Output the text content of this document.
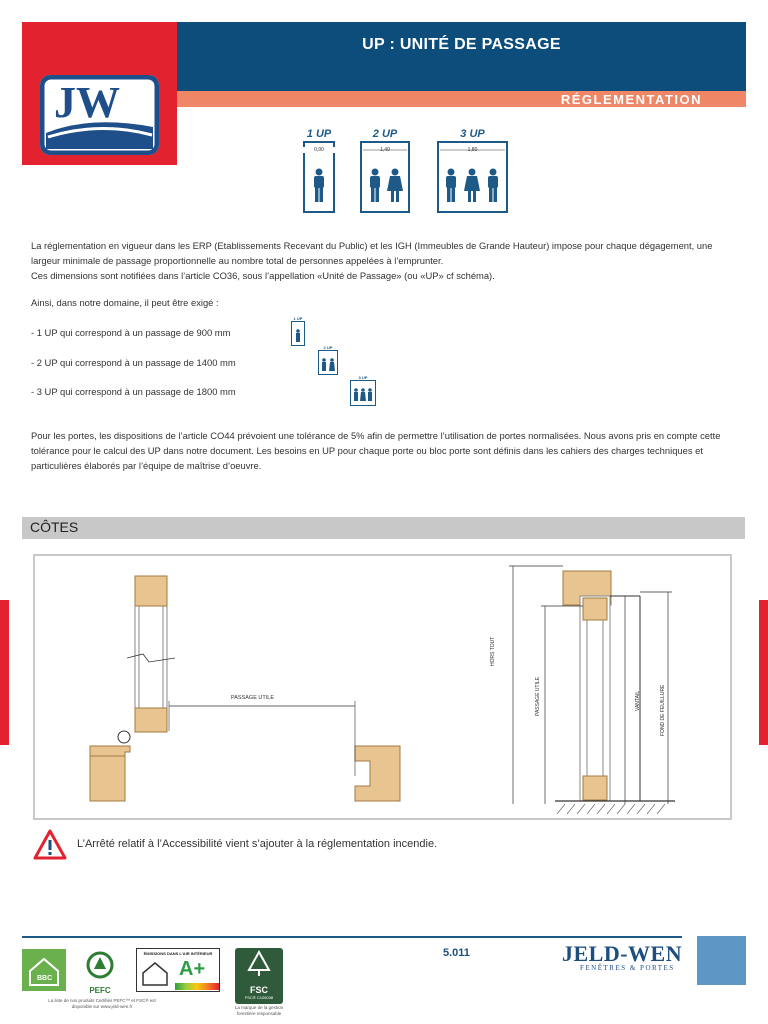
JW
UP : UNITÉ DE PASSAGE
RÉGLEMENTATION
1 UP
0,90
2 UP
1,40
3 UP
1,80

La réglementation en vigueur dans les ERP (Etablissements Recevant du Public) et les IGH (Immeubles de Grande Hauteur) impose pour chaque dégagement, une largeur minimale de passage proportionnelle au nombre total de personnes appelées à l’emprunter.

Ces dimensions sont notifiées dans l’article CO36, sous l’appellation «Unité de Passage» (ou «UP» cf schéma).

Ainsi, dans notre domaine, il peut être exigé :
- 1 UP qui correspond à un passage de 900 mm
- 2 UP qui correspond à un passage de 1400 mm
- 3 UP qui correspond à un passage de 1800 mm
1 UP
2 UP
3 UP
Pour les portes, les dispositions de l’article CO44 prévoient une tolérance de 5% afin de permettre l’utilisation de portes normalisées. Nous avons pris en compte cette tolérance pour le calcul des UP dans notre document. Les besoins en UP pour chaque porte ou bloc porte sont définis dans les cahiers des charges techniques et particulières élaborés par l’équipe de maîtrise d’oeuvre.
CÔTES
PASSAGE UTILE
HORS TOUT
PASSAGE UTILE	VANTAIL	FOND DE FEUILLURE
L’Arrêté relatif à l’Accessibilité vient s’ajouter à la réglementation incendie.
5.011
BBC
PEFC
ÉMISSIONS DANS L'AIR INTÉRIEUR
A+
FSC
FSC® C106038
La marque de la gestion forestière responsable
La liste de nos produits Certifiés PEFC™ et FSC® est disponible sur www.jeld-wen.fr
JELD-WEN
FENÊTRES & PORTES
